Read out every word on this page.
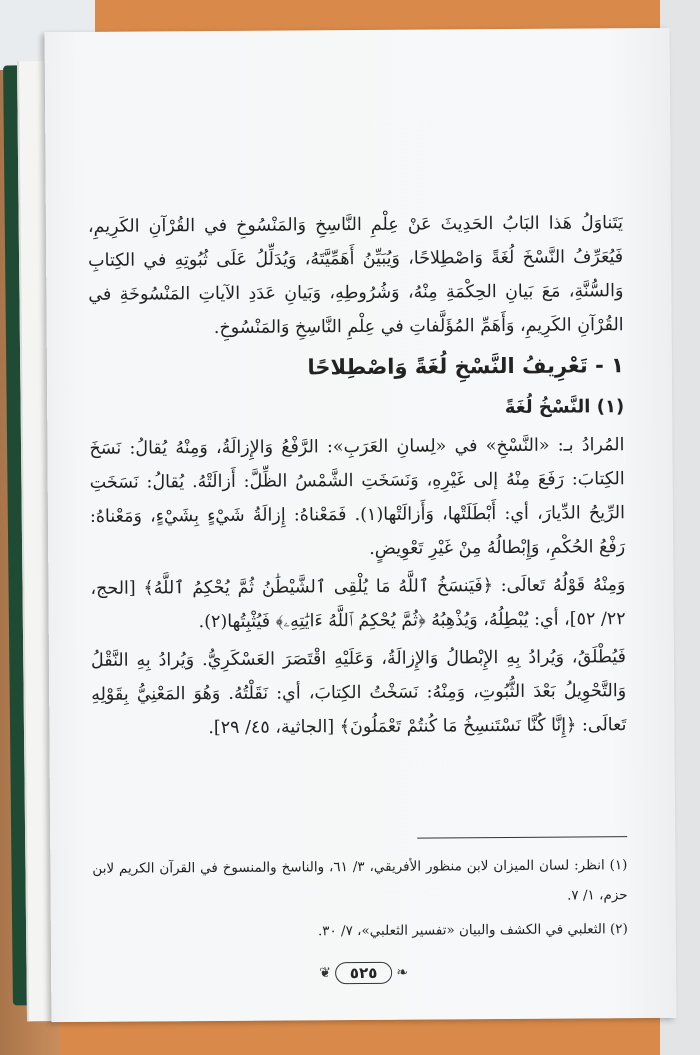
يَتَناوَلُ هَذا البَابُ الحَدِيثَ عَنْ عِلْمِ النَّاسِخِ وَالمَنْسُوخِ في القُرْآنِ الكَرِيمِ، فَيُعَرِّفُ النَّسْخَ لُغَةً وَاصْطِلاحًا، وَيُبَيِّنُ أَهَمِّيَّتَهُ، وَيُدَلِّلُ عَلَى ثُبُوتِهِ في الكِتابِ وَالسُّنَّةِ، مَعَ بَيانِ الحِكْمَةِ مِنْهُ، وَشُرُوطِهِ، وَبَيانِ عَدَدِ الآياتِ المَنْسُوخَةِ في القُرْآنِ الكَرِيمِ، وَأَهَمِّ المُؤَلَّفاتِ في عِلْمِ النَّاسِخِ وَالمَنْسُوخِ.

١ - تَعْرِيفُ النَّسْخِ لُغَةً وَاصْطِلاحًا
(١) النَّسْخُ لُغَةً

المُرادُ بـ: «النَّسْخِ» في «لِسانِ العَرَبِ»: الرَّفْعُ وَالإِزالَةُ، وَمِنْهُ يُقالُ: نَسَخَ الكِتابَ: رَفَعَ مِنْهُ إلى غَيْرِهِ، وَنَسَخَتِ الشَّمْسُ الظِّلَّ: أَزالَتْهُ. يُقالُ: نَسَخَتِ الرِّيحُ الدِّيارَ، أي: أَبْطَلَتْها، وَأَزالَتْها(١). فَمَعْناهُ: إِزالَةُ شَيْءٍ بِشَيْءٍ، وَمَعْناهُ: رَفْعُ الحُكْمِ، وَإِبْطالُهُ مِنْ غَيْرِ تَعْوِيضٍ.

وَمِنْهُ قَوْلُهُ تَعالَى: ﴿فَيَنسَخُ ٱللَّهُ مَا يُلْقِى ٱلشَّيْطَٰنُ ثُمَّ يُحْكِمُ ٱللَّهُ﴾ [الحج، ٢٢/ ٥٢]، أي: يُبْطِلُهُ، وَيُذْهِبُهُ ﴿ثُمَّ يُحْكِمُ ٱللَّهُ ءَايَٰتِهِۦ﴾ فَيُثْبِتُها(٢).

فَيُطْلَقُ، وَيُرادُ بِهِ الإِبْطالُ وَالإِزالَةُ، وَعَلَيْهِ اقْتَصَرَ العَسْكَرِيُّ. وَيُرادُ بِهِ النَّقْلُ وَالتَّحْوِيلُ بَعْدَ الثُّبُوتِ، وَمِنْهُ: نَسَخْتُ الكِتابَ، أي: نَقَلْتُهُ. وَهُوَ المَعْنِيُّ بِقَوْلِهِ تَعالَى: ﴿إِنَّا كُنَّا نَسْتَنسِخُ مَا كُنتُمْ تَعْمَلُونَ﴾ [الجاثية، ٤٥/ ٢٩].

(١) انظر: لسان الميزان لابن منظور الأفريقي، ٣/ ٦١، والناسخ والمنسوخ في القرآن الكريم لابن حزم، ١/ ٧.

(٢) الثعلبي في الكشف والبيان «تفسير الثعلبي»، ٧/ ٣٠.

❦	٥٢٥	❧
